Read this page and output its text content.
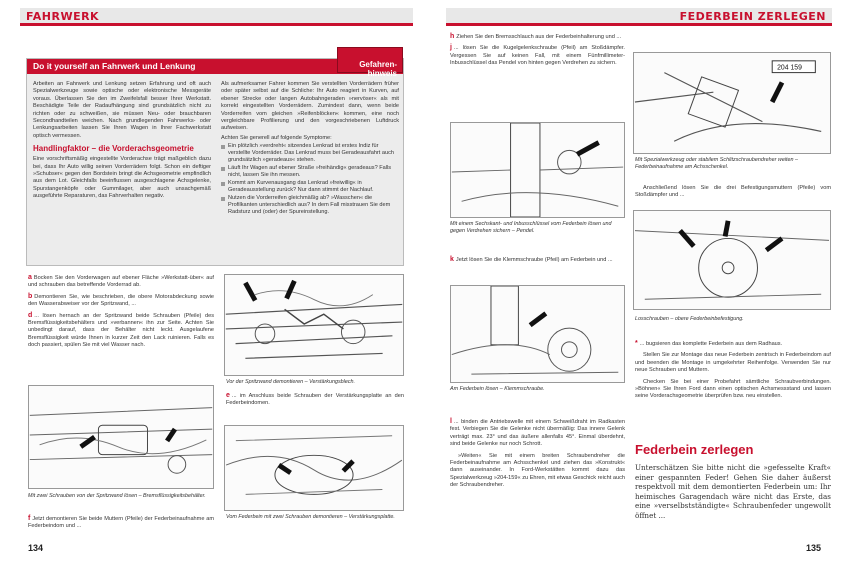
FAHRWERK
Do it yourself an Fahrwerk und Lenkung	Gefahren-
hinweis

Arbeiten an Fahrwerk und Lenkung setzen Erfahrung und oft auch Spezialwerkzeuge sowie optische oder elektronische Messgeräte voraus. Überlassen Sie den im Zweifelsfall besser Ihrer Werkstatt. Beschädigte Teile der Radaufhängung sind grundsätzlich nicht zu richten oder zu schweißen, sie müssen Neu- oder brauchbaren Secondhandteilen weichen. Nach grundlegenden Fahrwerks- oder Lenkungsarbeiten lassen Sie Ihren Wagen in Ihrer Fachwerkstatt optisch vermessen.

Handlingfaktor – die Vorderachsgeometrie

Eine vorschriftsmäßig eingestellte Vorderachse trägt maßgeblich dazu bei, dass Ihr Auto willig seinen Vorderrädern folgt. Schon ein deftiger »Schubser« gegen den Bordstein bringt die Achsgeometrie empfindlich aus dem Lot. Gleichfalls beeinflussen ausgeschlagene Achsgelenke, Spurstangenköpfe oder Gummilager, aber auch unsachgemäß ausgeführte Reparaturen, das Fahrverhalten negativ.

Als aufmerksamer Fahrer kommen Sie verstellten Vorderrädern früher oder später selbst auf die Schliche: Ihr Auto reagiert in Kurven, auf ebener Strecke oder langen Autobahngeraden »nervöser« als mit korrekt eingestellten Vorderrädern. Zumindest dann, wenn beide Vorderreifen vom gleichen »Reifenblöcken« kommen, eine noch vergleichbare Profilierung und den vorgeschriebenen Luftdruck aufweisen.

Achten Sie generell auf folgende Symptome:

Ein plötzlich »verdreht« sitzendes Lenkrad ist erstes Indiz für verstellte Vorderräder. Das Lenkrad muss bei Geradeausfahrt auch grundsätzlich »geradeaus« stehen.
Läuft Ihr Wagen auf ebener Straße »freihändig« geradeaus? Falls nicht, lassen Sie ihn messen.
Kommt am Kurvenausgang das Lenkrad »freiwillig« in Geradeausstellung zurück? Nur dann stimmt der Nachlauf.
Nutzen die Vorderreifen gleichmäßig ab? »Wasschen« die Profilkanten unterschiedlich aus? In dem Fall misstrauen Sie dem Radsturz und (oder) der Spureinstellung.

a Bocken Sie den Vorderwagen auf ebener Fläche »Werkstatt-über« auf und schrauben das betreffende Vorderrad ab.

b Demontieren Sie, wie beschrieben, die obere Motorabdeckung sowie den Wasserabweiser vor der Spritzwand, ...

d ... lösen hernach an der Spritzwand beide Schrauben (Pfeile) des Bremsflüssigkeitsbehälters und »verbannen« ihn zur Seite. Achten Sie unbedingt darauf, dass der Behälter nicht leckt. Ausgelaufene Bremsflüssigkeit würde Ihnen in kurzer Zeit den Lack ruinieren. Falls es doch passiert, spülen Sie mit viel Wasser nach.

Vor der Spritzwand demontieren – Verstärkungsblech.
e ... im Anschluss beide Schrauben der Verstärkungsplatte an den Federbeindomen.
Mit zwei Schrauben von der Spritzwand lösen – Bremsflüssigkeitsbehälter.
Vom Federbein mit zwei Schrauben demontieren – Verstärkungsplatte.
f Jetzt demontieren Sie beide Muttern (Pfeile) der Federbeinaufnahme am Federbeindom und ...
134
FEDERBEIN ZERLEGEN

h Ziehen Sie den Bremsschlauch aus der Federbeinhalterung und ...

j ... lösen Sie die Kugelgelenkschraube (Pfeil) am Stoßdämpfer. Vergessen Sie auf keinen Fall, mit einem Fünfmillimeter-Inbusschlüssel das Pendel von hinten gegen Verdrehen zu sichern.

Mit einem Sechskant- und Inbusschlüssel vom Federbein lösen und gegen Verdrehen sichern – Pendel.
k Jetzt lösen Sie die Klemmschraube (Pfeil) am Federbein und ...
Am Federbein lösen – Klemmschraube.

l ... binden die Antriebswelle mit einem Schweißdraht im Radkasten fest. Verbiegen Sie die Gelenke nicht übermäßig: Das innere Gelenk verträgt max. 23° und das äußere allenfalls 45°. Einmal überdehnt, sind beide Gelenke nur noch Schrott.

»Weiten« Sie mit einem breiten Schraubendreher die Federbeinaufnahme am Achsschenkel und ziehen das »Konstrukt« dann auseinander. In Ford-Werkstätten kommt dazu das Spezialwerkzeug »204-159« zu Ehren, mit etwas Geschick reicht auch der Schraubendreher.

204 159
Mit Spezialwerkzeug oder stabilem Schlitzschraubendreher weiten – Federbeinaufnahme am Achsschenkel.
Anschließend lösen Sie die drei Befestigungsmuttern (Pfeile) vom Stoßdämpfer und ...
Losschrauben – obere Federbeinbefestigung.

* ... bugsieren das komplette Federbein aus dem Radhaus.

Stellen Sie zur Montage das neue Federbein zentrisch in Federbeindom auf und beenden die Montage in umgekehrter Reihenfolge. Verwenden Sie nur neue Schrauben und Muttern.

Checken Sie bei einer Probefahrt sämtliche Schraubverbindungen. »Böhnen« Sie Ihren Ford dann einen optischen Achsmessstand und lassen seine Vorderachsgeometrie überprüfen bzw. neu einstellen.

Federbein zerlegen
Unterschätzen Sie bitte nicht die »gefesselte Kraft« einer gespannten Feder! Gehen Sie daher äußerst respektvoll mit dem demontierten Federbein um: Ihr heimisches Garagendach wäre nicht das Erste, das eine »verselbstständigte« Schraubenfeder ungewollt öffnet ...
135
